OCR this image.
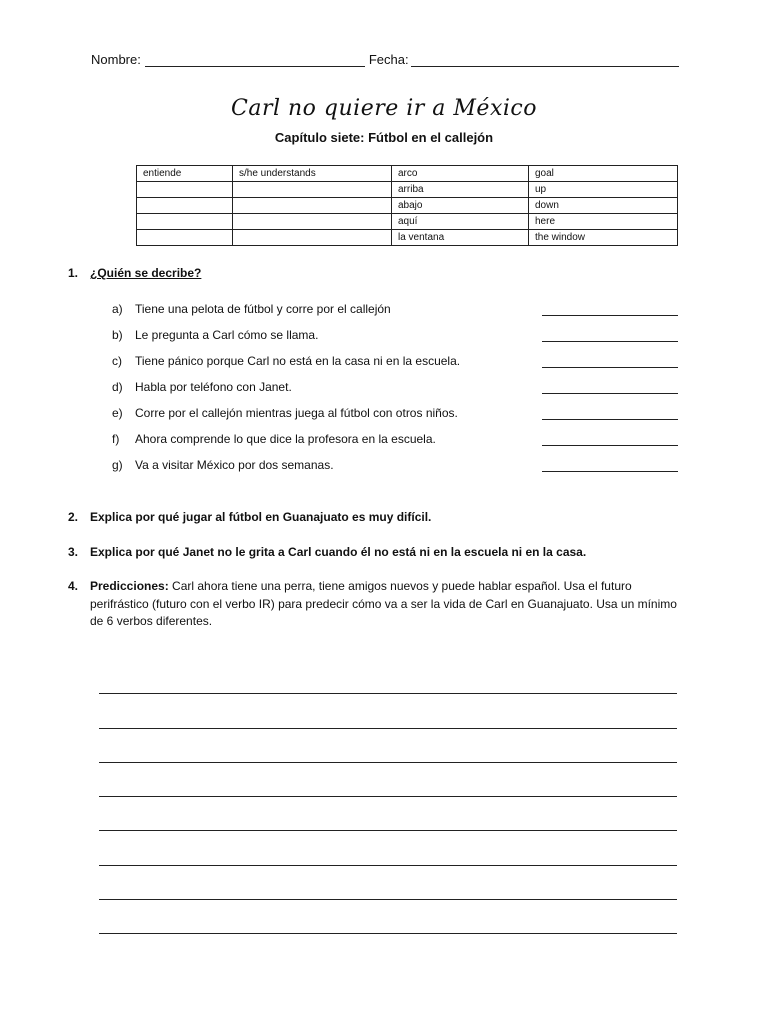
Nombre:	Fecha:
Carl no quiere ir a México
Capítulo siete: Fútbol en el callejón
entiende	s/he understands	arco	goal
		arriba	up
		abajo	down
		aquí	here
		la ventana	the window
1. ¿Quién se decribe?
a) Tiene una pelota de fútbol y corre por el callejón
b) Le pregunta a Carl cómo se llama.
c) Tiene pánico porque Carl no está en la casa ni en la escuela.
d) Habla por teléfono con Janet.
e) Corre por el callejón mientras juega al fútbol con otros niños.
f) Ahora comprende lo que dice la profesora en la escuela.
g) Va a visitar México por dos semanas.
2. Explica por qué jugar al fútbol en Guanajuato es muy difícil.
3. Explica por qué Janet no le grita a Carl cuando él no está ni en la escuela ni en la casa.
4. Predicciones: Carl ahora tiene una perra, tiene amigos nuevos y puede hablar español. Usa el futuro perifrástico (futuro con el verbo IR) para predecir cómo va a ser la vida de Carl en Guanajuato. Usa un mínimo de 6 verbos diferentes.
